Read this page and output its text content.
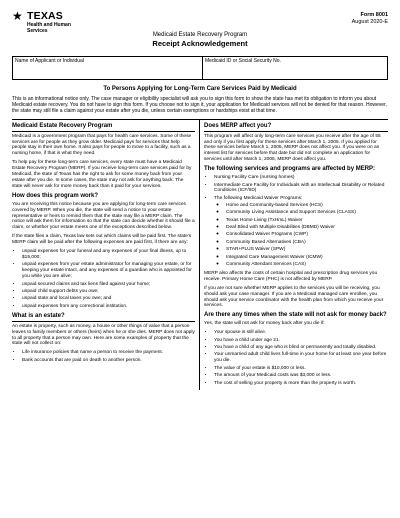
★ TEXAS
Health and Human Services
Form 8001
August 2020-E
Medicaid Estate Recovery Program
Receipt Acknowledgement
Name of Applicant or Individual	Medicaid ID or Social Security No.
To Persons Applying for Long-Term Care Services Paid by Medicaid

This is an informational notice only. The case manager or eligibility specialist will ask you to sign this form to show the state has met its obligation to inform you about Medicaid estate recovery. You do not have to sign this form. If you choose not to sign it, your application for Medicaid services will not be denied for that reason. However, the state may still file a claim against your estate after you die, unless certain exemptions or hardships exist at that time.

Medicaid Estate Recovery Program

Medicaid is a government program that pays for health care services. Some of these services are for people as they grow older. Medicaid pays for services that help people stay in their own home. It also pays for people to move to a facility, such as a nursing home, if that is what they need.

To help pay for these long-term care services, every state must have a Medicaid Estate Recovery Program (MERP). If you receive long-term care services paid for by Medicaid, the state of Texas has the right to ask for some money back from your estate after you die. In some cases, the state may not ask for anything back. The state will never ask for more money back than it paid for your services.

How does this program work?

You are receiving this notice because you are applying for long-term care services covered by MERP. When you die, the state will send a notice to your estate representative or heirs to remind them that the state may file a MERP claim. The notice will ask them for information so that the state can decide whether it should file a claim, or whether your estate meets one of the exceptions described below.

If the state files a claim, Texas law sets out which claims will be paid first. The state's MERP claim will be paid after the following expenses are paid first, if there are any:

• unpaid expenses for your funeral and any expenses of your final illness, up to $15,000;
• unpaid expenses from your estate administrator for managing your estate, or for keeping your estate intact, and any expenses of a guardian who is appointed for you while you are alive;
• unpaid secured claims and tax liens filed against your home;
• unpaid child support debts you owe;
• unpaid state and local taxes you owe; and
• unpaid expenses from any correctional institution.
What is an estate?

An estate is property, such as money, a house or other things of value that a person leaves to family members or others (heirs) when he or she dies. MERP does not apply to all property that a person may own. Here are some examples of property that the state will not collect on:

• Life insurance policies that name a person to receive the payment.
• Bank accounts that are paid on death to another person.
Does MERP affect you?

This program will affect only long-term care services you receive after the age of 55 and only if you first apply for these services after March 1, 2005. If you applied for these services before March 1, 2005, MERP does not affect you. If you were on an interest list for services before that date but did not complete an application for services until after March 1, 2005, MERP does affect you.

The following services and programs are affected by MERP:
• Nursing Facility Care (nursing homes)
• Intermediate Care Facility for Individuals with an Intellectual Disability or Related Conditions (ICF/IID)
• The following Medicaid Waiver Programs:
◦ Home and Community-based Services (HCS)
◦ Community Living Assistance and Support Services (CLASS)
◦ Texas Home Living (TxHmL) Waiver
◦ Deaf Blind with Multiple Disabilities (DBMD) Waiver
◦ Consolidated Waiver Programs (CWP)
◦ Community Based Alternatives (CBA)
◦ STAR+PLUS Waiver (SPW)
◦ Integrated Care Management Waiver (ICMW)
◦ Community Attendant Services (CAS)

MERP also affects the costs of certain hospital and prescription drug services you receive. Primary Home Care (PHC) is not affected by MERP.

If you are not sure whether MERP applies to the services you will be receiving, you should ask your case manager. If you are a Medicaid managed care enrollee, you should ask your service coordinator with the health plan from which you receive your services.

Are there any times when the state will not ask for money back?

Yes, the state will not ask for money back after you die if:

• Your spouse is still alive.
• You have a child under age 21.
• You have a child of any age who is blind or permanently and totally disabled.
• Your unmarried adult child lives full-time in your home for at least one year before you die.
• The value of your estate is $10,000 or less.
• The amount of your Medicaid costs was $3,000 or less.
• The cost of selling your property is more than the property is worth.
